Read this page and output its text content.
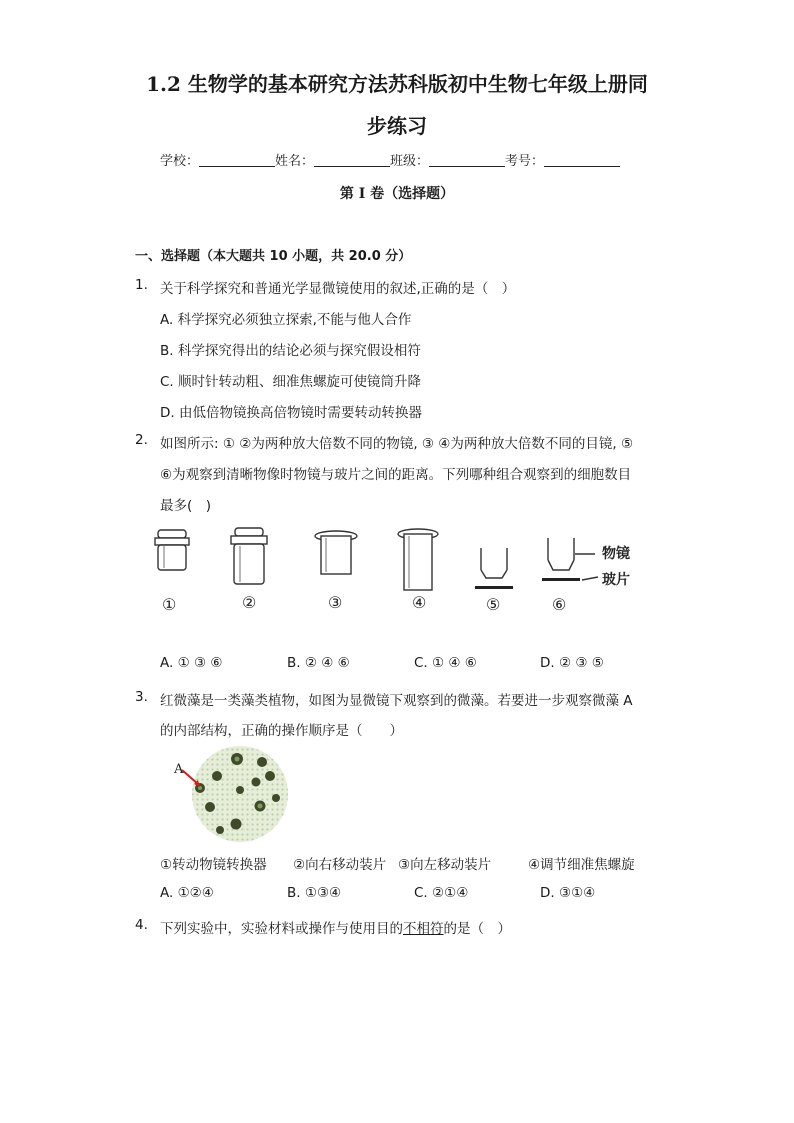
1.2 生物学的基本研究方法苏科版初中生物七年级上册同
步练习
学校：	姓名：	班级：	考号：
第 I 卷（选择题）
一、选择题（本大题共 10 小题，共 20.0 分）
1. 关于科学探究和普通光学显微镜使用的叙述,正确的是（　）
A. 科学探究必须独立探索,不能与他人合作
B. 科学探究得出的结论必须与探究假设相符
C. 顺时针转动粗、细准焦螺旋可使镜筒升降
D. 由低倍物镜换高倍物镜时需要转动转换器
2. 如图所示: ① ②为两种放大倍数不同的物镜, ③ ④为两种放大倍数不同的目镜, ⑤
⑥为观察到清晰物像时物镜与玻片之间的距离。下列哪种组合观察到的细胞数目
最多(　)
①	②	③	④	⑤	⑥
物镜
玻片
A. ① ③ ⑥	B. ② ④ ⑥	C. ① ④ ⑥	D. ② ③ ⑤
3. 红微藻是一类藻类植物，如图为显微镜下观察到的微藻。若要进一步观察微藻 A
的内部结构，正确的操作顺序是（　　）
A
①转动物镜转换器 ②向右移动装片 ③向左移动装片	④调节细准焦螺旋
A. ①②④	B. ①③④	C. ②①④	D. ③①④
4. 下列实验中，实验材料或操作与使用目的不相符的是（　）
